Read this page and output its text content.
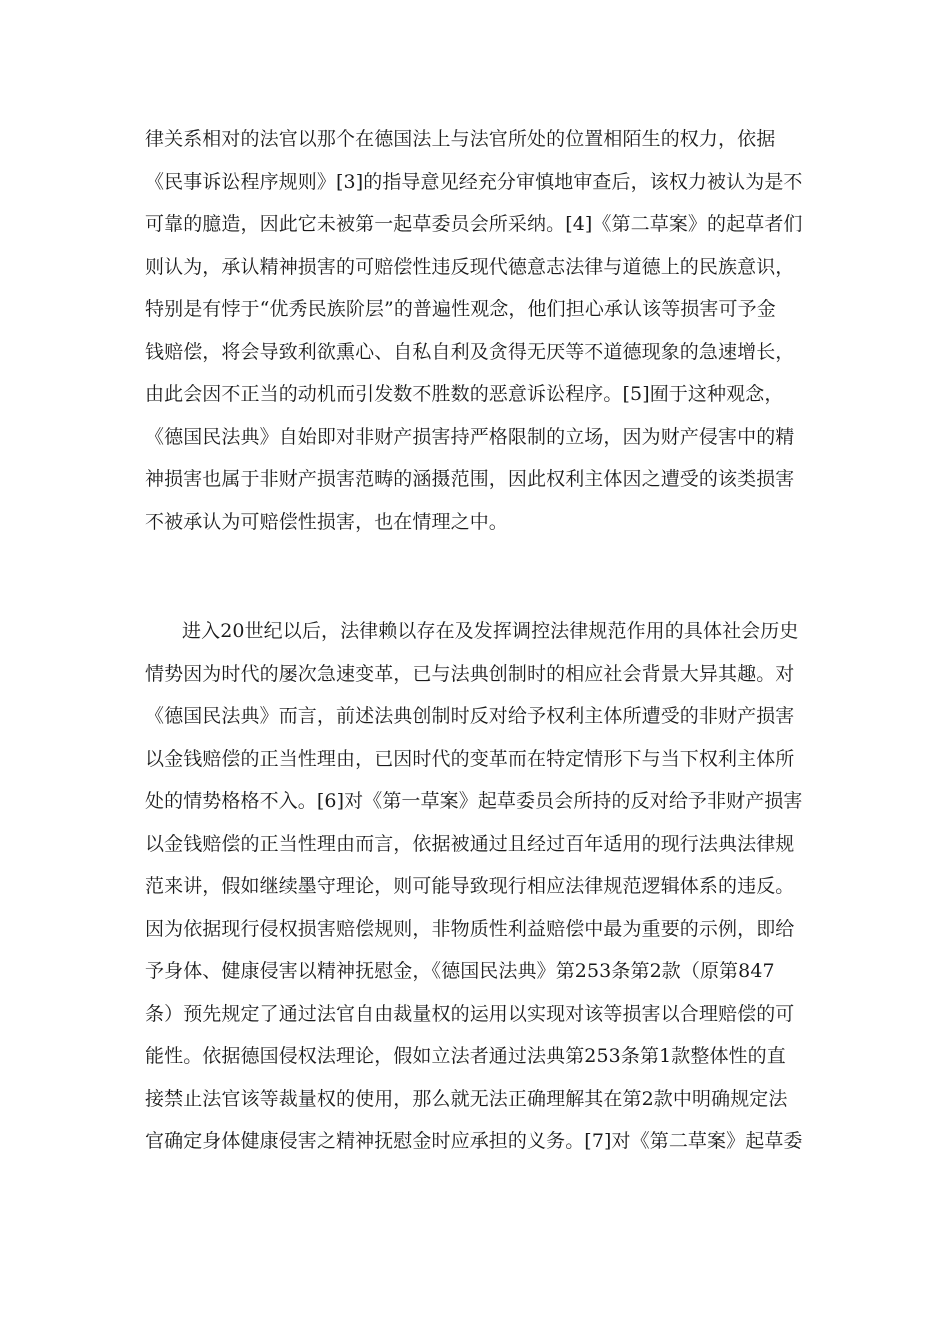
律关系相对的法官以那个在德国法上与法官所处的位置相陌生的权力，依据
《民事诉讼程序规则》[3]的指导意见经充分审慎地审查后，该权力被认为是不
可靠的臆造，因此它未被第一起草委员会所采纳。[4]《第二草案》的起草者们
则认为，承认精神损害的可赔偿性违反现代德意志法律与道德上的民族意识，
特别是有悖于“优秀民族阶层”的普遍性观念，他们担心承认该等损害可予金
钱赔偿，将会导致利欲熏心、自私自利及贪得无厌等不道德现象的急速增长，
由此会因不正当的动机而引发数不胜数的恶意诉讼程序。[5]囿于这种观念，
《德国民法典》自始即对非财产损害持严格限制的立场，因为财产侵害中的精
神损害也属于非财产损害范畴的涵摄范围，因此权利主体因之遭受的该类损害
不被承认为可赔偿性损害，也在情理之中。
进入20世纪以后，法律赖以存在及发挥调控法律规范作用的具体社会历史
情势因为时代的屡次急速变革，已与法典创制时的相应社会背景大异其趣。对
《德国民法典》而言，前述法典创制时反对给予权利主体所遭受的非财产损害
以金钱赔偿的正当性理由，已因时代的变革而在特定情形下与当下权利主体所
处的情势格格不入。[6]对《第一草案》起草委员会所持的反对给予非财产损害
以金钱赔偿的正当性理由而言，依据被通过且经过百年适用的现行法典法律规
范来讲，假如继续墨守理论，则可能导致现行相应法律规范逻辑体系的违反。
因为依据现行侵权损害赔偿规则，非物质性利益赔偿中最为重要的示例，即给
予身体、健康侵害以精神抚慰金，《德国民法典》第253条第2款（原第847
条）预先规定了通过法官自由裁量权的运用以实现对该等损害以合理赔偿的可
能性。依据德国侵权法理论，假如立法者通过法典第253条第1款整体性的直
接禁止法官该等裁量权的使用，那么就无法正确理解其在第2款中明确规定法
官确定身体健康侵害之精神抚慰金时应承担的义务。[7]对《第二草案》起草委
